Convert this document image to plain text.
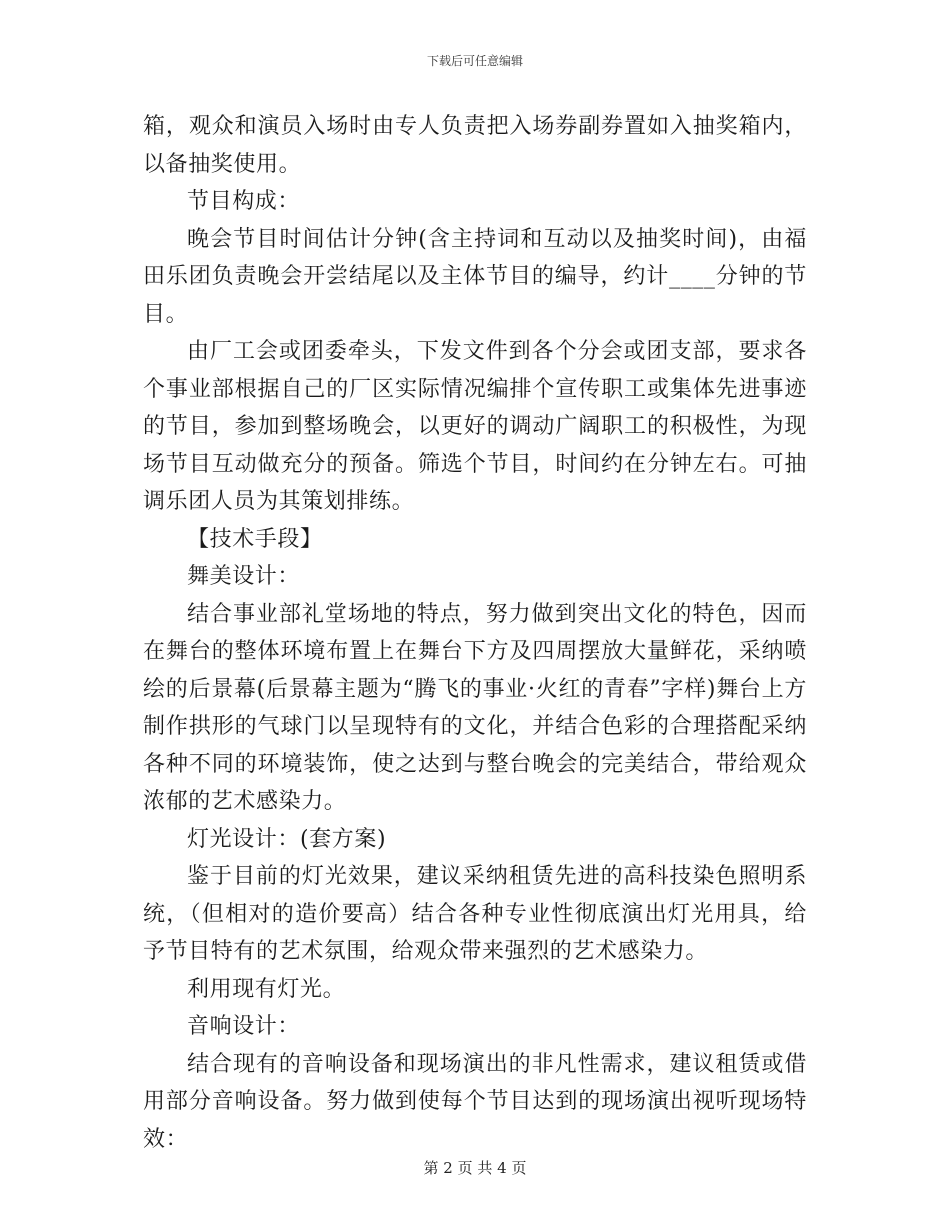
下载后可任意编辑

箱，观众和演员入场时由专人负责把入场券副券置如入抽奖箱内，以备抽奖使用。

节目构成：

晚会节目时间估计分钟(含主持词和互动以及抽奖时间)，由福田乐团负责晚会开尝结尾以及主体节目的编导，约计____分钟的节目。

由厂工会或团委牵头，下发文件到各个分会或团支部，要求各个事业部根据自己的厂区实际情况编排个宣传职工或集体先进事迹的节目，参加到整场晚会，以更好的调动广阔职工的积极性，为现场节目互动做充分的预备。筛选个节目，时间约在分钟左右。可抽调乐团人员为其策划排练。

【技术手段】

舞美设计：

结合事业部礼堂场地的特点，努力做到突出文化的特色，因而在舞台的整体环境布置上在舞台下方及四周摆放大量鲜花，采纳喷绘的后景幕(后景幕主题为“腾飞的事业·火红的青春”字样)舞台上方制作拱形的气球门以呈现特有的文化，并结合色彩的合理搭配采纳各种不同的环境装饰，使之达到与整台晚会的完美结合，带给观众浓郁的艺术感染力。

灯光设计：(套方案)

鉴于目前的灯光效果，建议采纳租赁先进的高科技染色照明系统，（但相对的造价要高）结合各种专业性彻底演出灯光用具，给予节目特有的艺术氛围，给观众带来强烈的艺术感染力。

利用现有灯光。

音响设计：

结合现有的音响设备和现场演出的非凡性需求，建议租赁或借用部分音响设备。努力做到使每个节目达到的现场演出视听现场特效：

第 2 页 共 4 页
